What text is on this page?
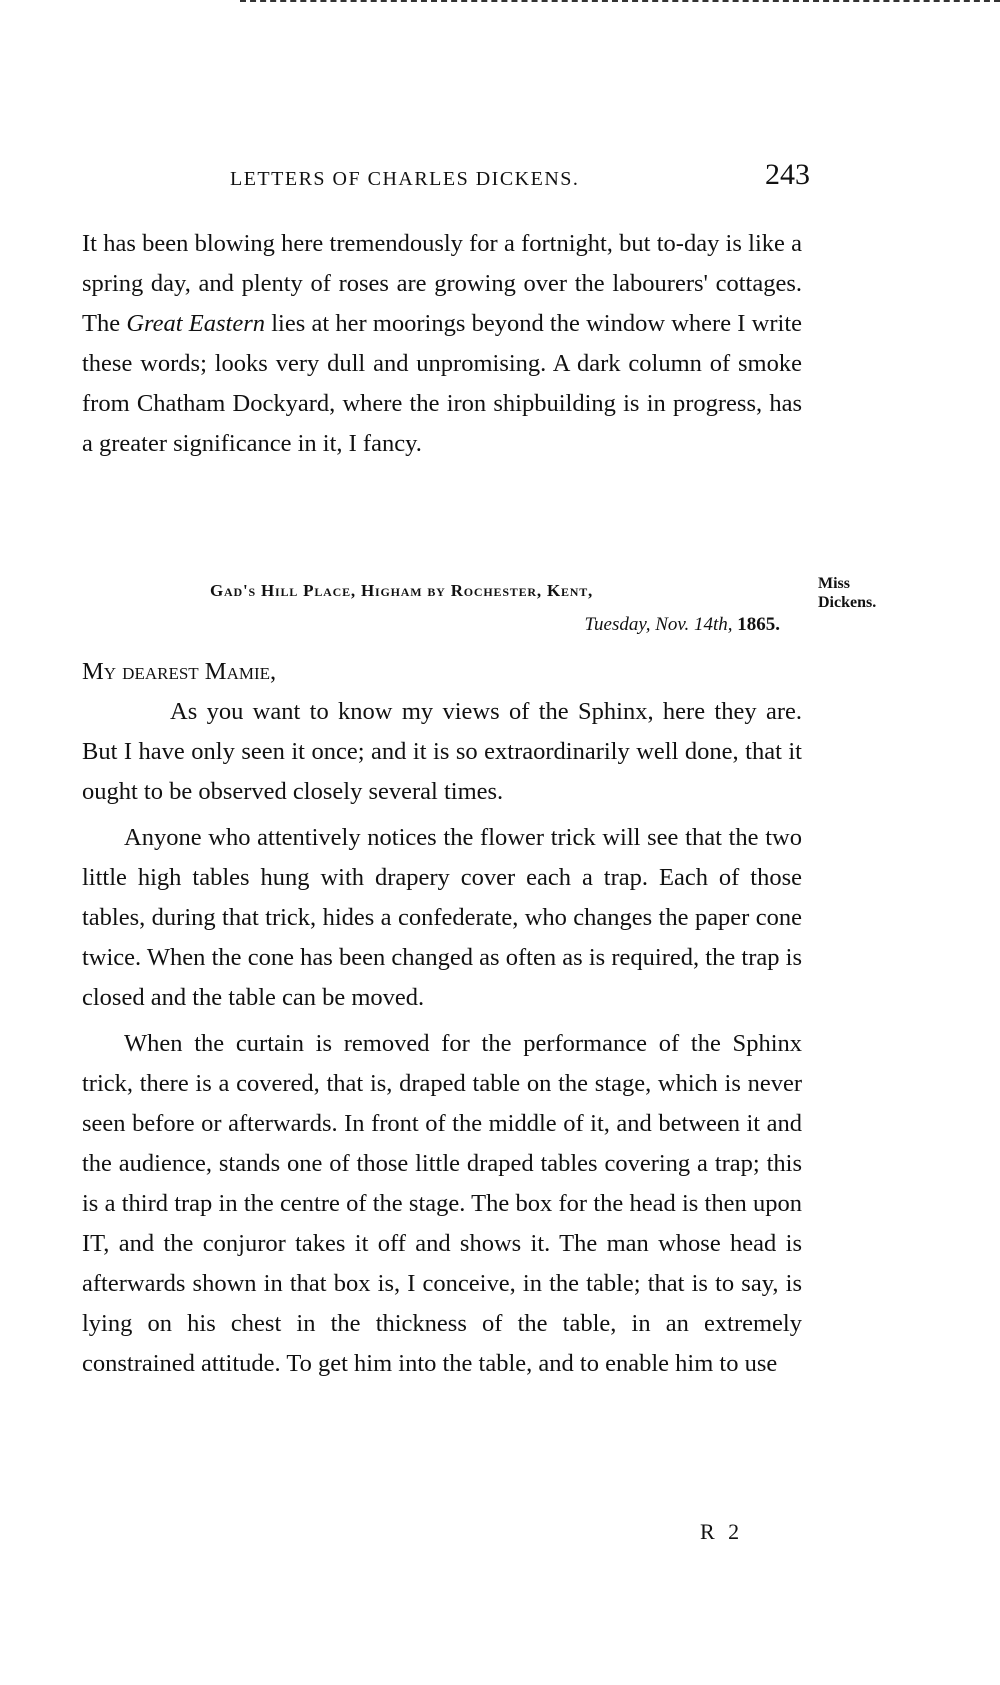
LETTERS OF CHARLES DICKENS.	243

It has been blowing here tremendously for a fortnight, but to-day is like a spring day, and plenty of roses are growing over the labourers' cottages. The Great Eastern lies at her moorings beyond the window where I write these words; looks very dull and unpromising. A dark column of smoke from Chatham Dockyard, where the iron shipbuilding is in progress, has a greater significance in it, I fancy.

Gad's Hill Place, Higham by Rochester, Kent,
Tuesday, Nov. 14th, 1865.
Miss
Dickens.
My dearest Mamie,

As you want to know my views of the Sphinx, here they are. But I have only seen it once; and it is so extraordinarily well done, that it ought to be observed closely several times.

Anyone who attentively notices the flower trick will see that the two little high tables hung with drapery cover each a trap. Each of those tables, during that trick, hides a confederate, who changes the paper cone twice. When the cone has been changed as often as is required, the trap is closed and the table can be moved.

When the curtain is removed for the performance of the Sphinx trick, there is a covered, that is, draped table on the stage, which is never seen before or afterwards. In front of the middle of it, and between it and the audience, stands one of those little draped tables covering a trap; this is a third trap in the centre of the stage. The box for the head is then upon IT, and the conjuror takes it off and shows it. The man whose head is afterwards shown in that box is, I conceive, in the table; that is to say, is lying on his chest in the thickness of the table, in an extremely constrained attitude. To get him into the table, and to enable him to use

R 2
